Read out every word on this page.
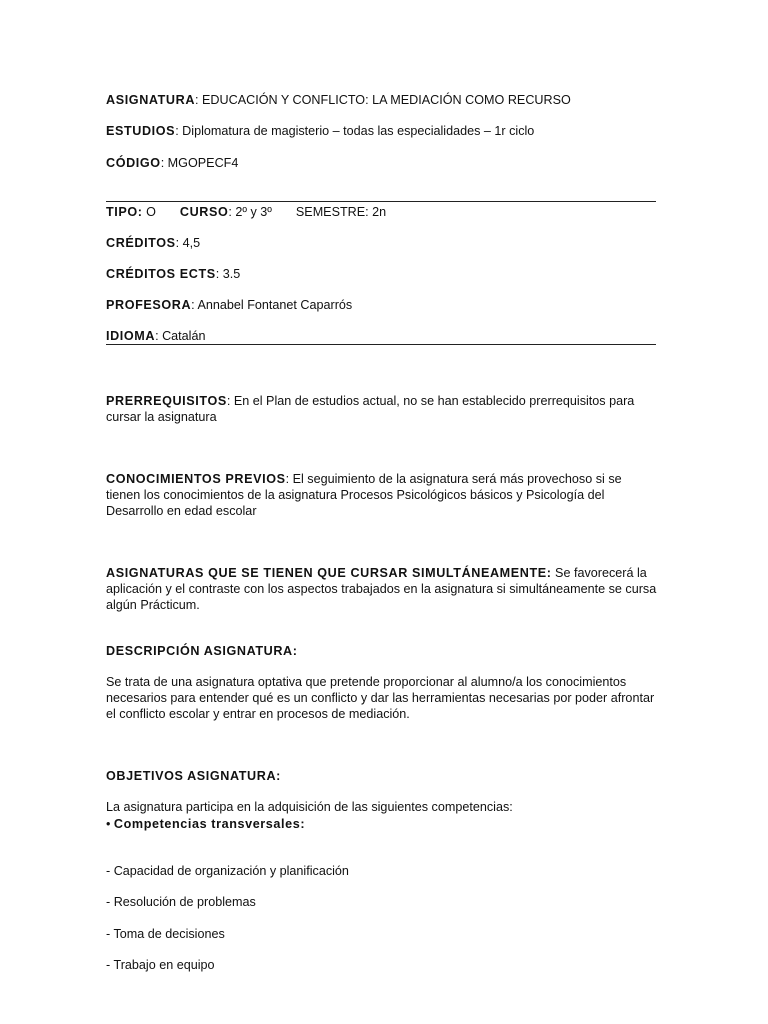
ASIGNATURA: EDUCACIÓN Y CONFLICTO: LA MEDIACIÓN COMO RECURSO
ESTUDIOS: Diplomatura de magisterio – todas las especialidades – 1r ciclo
CÓDIGO: MGOPECF4
TIPO: O CURSO: 2º y 3º SEMESTRE: 2n
CRÉDITOS: 4,5
CRÉDITOS ECTS: 3.5
PROFESORA: Annabel Fontanet Caparrós
IDIOMA: Catalán
PRERREQUISITOS: En el Plan de estudios actual, no se han establecido prerrequisitos para cursar la asignatura
CONOCIMIENTOS PREVIOS: El seguimiento de la asignatura será más provechoso si se tienen los conocimientos de la asignatura Procesos Psicológicos básicos y Psicología del Desarrollo en edad escolar
ASIGNATURAS QUE SE TIENEN QUE CURSAR SIMULTÁNEAMENTE: Se favorecerá la aplicación y el contraste con los aspectos trabajados en la asignatura si simultáneamente se cursa algún Prácticum.
DESCRIPCIÓN ASIGNATURA:
Se trata de una asignatura optativa que pretende proporcionar al alumno/a los conocimientos necesarios para entender qué es un conflicto y dar las herramientas necesarias por poder afrontar el conflicto escolar y entrar en procesos de mediación.
OBJETIVOS ASIGNATURA:
La asignatura participa en la adquisición de las siguientes competencias:
• Competencias transversales:
- Capacidad de organización y planificación
- Resolución de problemas
- Toma de decisiones
- Trabajo en equipo
